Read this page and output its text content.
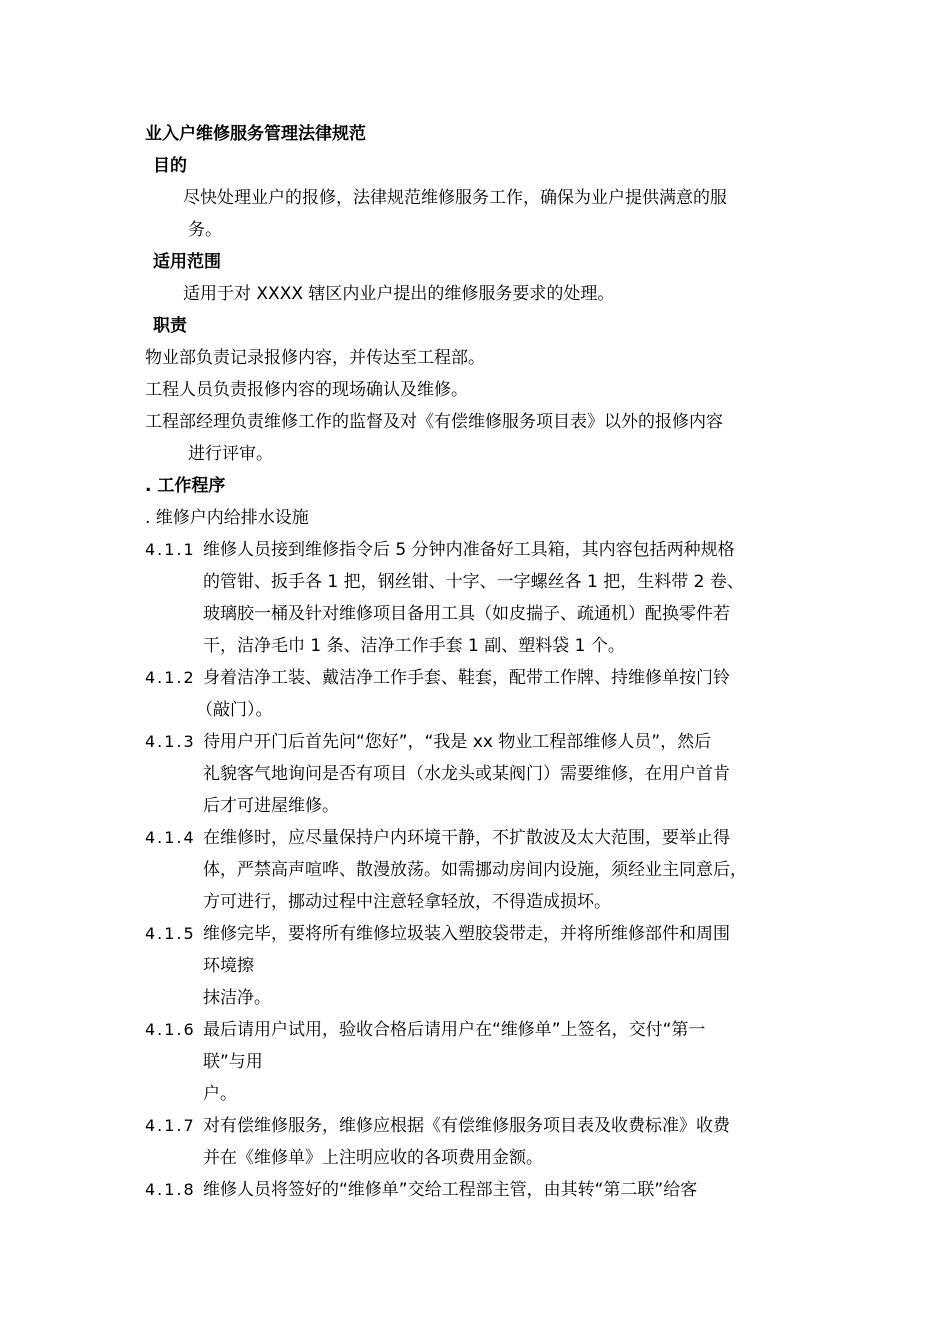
业入户维修服务管理法律规范
目的
尽快处理业户的报修，法律规范维修服务工作，确保为业户提供满意的服
务。
适用范围
适用于对 XXXX 辖区内业户提出的维修服务要求的处理。
职责
物业部负责记录报修内容，并传达至工程部。
工程人员负责报修内容的现场确认及维修。
工程部经理负责维修工作的监督及对《有偿维修服务项目表》以外的报修内容
进行评审。
. 工作程序
. 维修户内给排水设施
4.1.1 维修人员接到维修指令后 5 分钟内准备好工具箱，其内容包括两种规格
的管钳、扳手各 1 把，钢丝钳、十字、一字螺丝各 1 把，生料带 2 卷、
玻璃胶一桶及针对维修项目备用工具（如皮揣子、疏通机）配换零件若
干，洁净毛巾 1 条、洁净工作手套 1 副、塑料袋 1 个。
4.1.2 身着洁净工装、戴洁净工作手套、鞋套，配带工作牌、持维修单按门铃
（敲门）。
4.1.3 待用户开门后首先问“您好”，“我是 xx 物业工程部维修人员”，然后
礼貌客气地询问是否有项目（水龙头或某阀门）需要维修，在用户首肯
后才可进屋维修。
4.1.4 在维修时，应尽量保持户内环境干静，不扩散波及太大范围，要举止得
体，严禁高声喧哗、散漫放荡。如需挪动房间内设施，须经业主同意后，
方可进行，挪动过程中注意轻拿轻放，不得造成损坏。
4.1.5 维修完毕，要将所有维修垃圾装入塑胶袋带走，并将所维修部件和周围
环境擦
抹洁净。
4.1.6 最后请用户试用，验收合格后请用户在“维修单”上签名，交付“第一
联”与用
户。
4.1.7 对有偿维修服务，维修应根据《有偿维修服务项目表及收费标准》收费
并在《维修单》上注明应收的各项费用金额。
4.1.8 维修人员将签好的“维修单”交给工程部主管，由其转“第二联”给客
